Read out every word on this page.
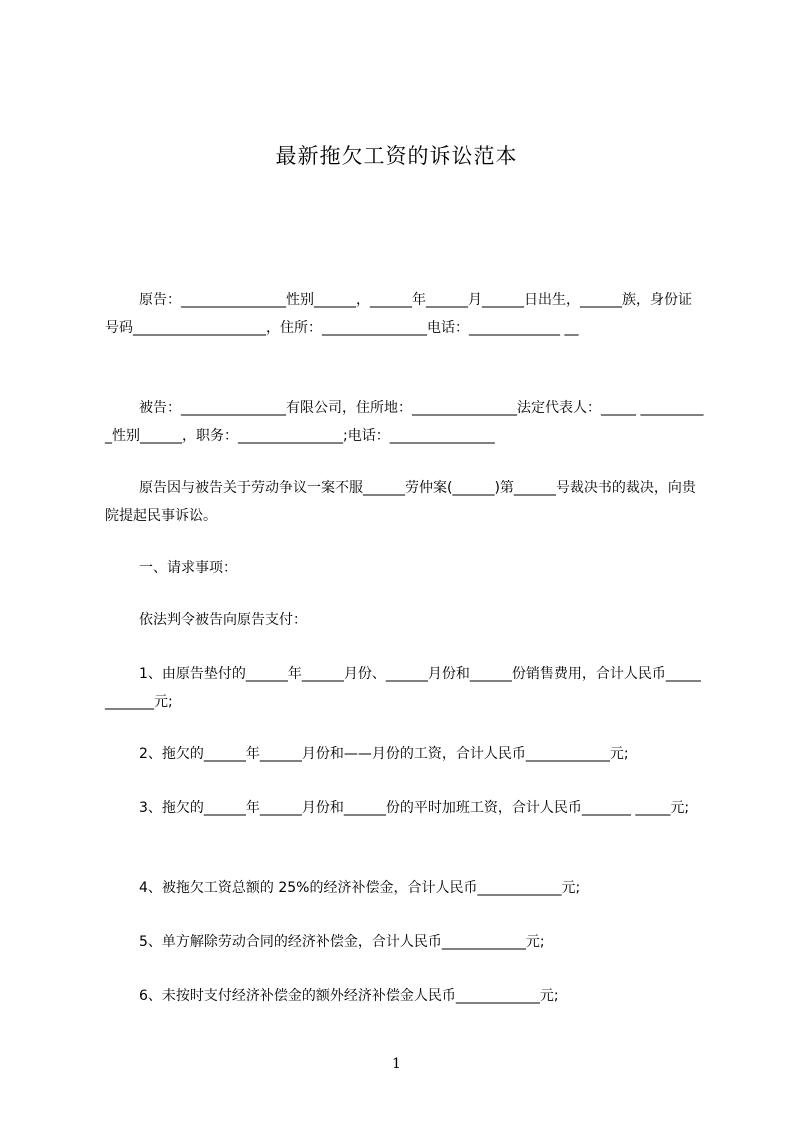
最新拖欠工资的诉讼范本
原告：_______________性别______，______年______月______日出生，______族，身份证号码___________________，住所：_______________电话：_____________ __
被告：_______________有限公司，住所地：_______________法定代表人：_____ __________性别______，职务：_______________;电话：_______________
原告因与被告关于劳动争议一案不服______劳仲案(______)第______号裁决书的裁决，向贵院提起民事诉讼。
一、请求事项：
依法判令被告向原告支付：
1、由原告垫付的______年______月份、______月份和______份销售费用，合计人民币____________元;
2、拖欠的______年______月份和——月份的工资，合计人民币____________元;
3、拖欠的______年______月份和______份的平时加班工资，合计人民币_______ _____元;
4、被拖欠工资总额的 25%的经济补偿金，合计人民币____________元;
5、单方解除劳动合同的经济补偿金，合计人民币____________元;
6、未按时支付经济补偿金的额外经济补偿金人民币____________元;
1
